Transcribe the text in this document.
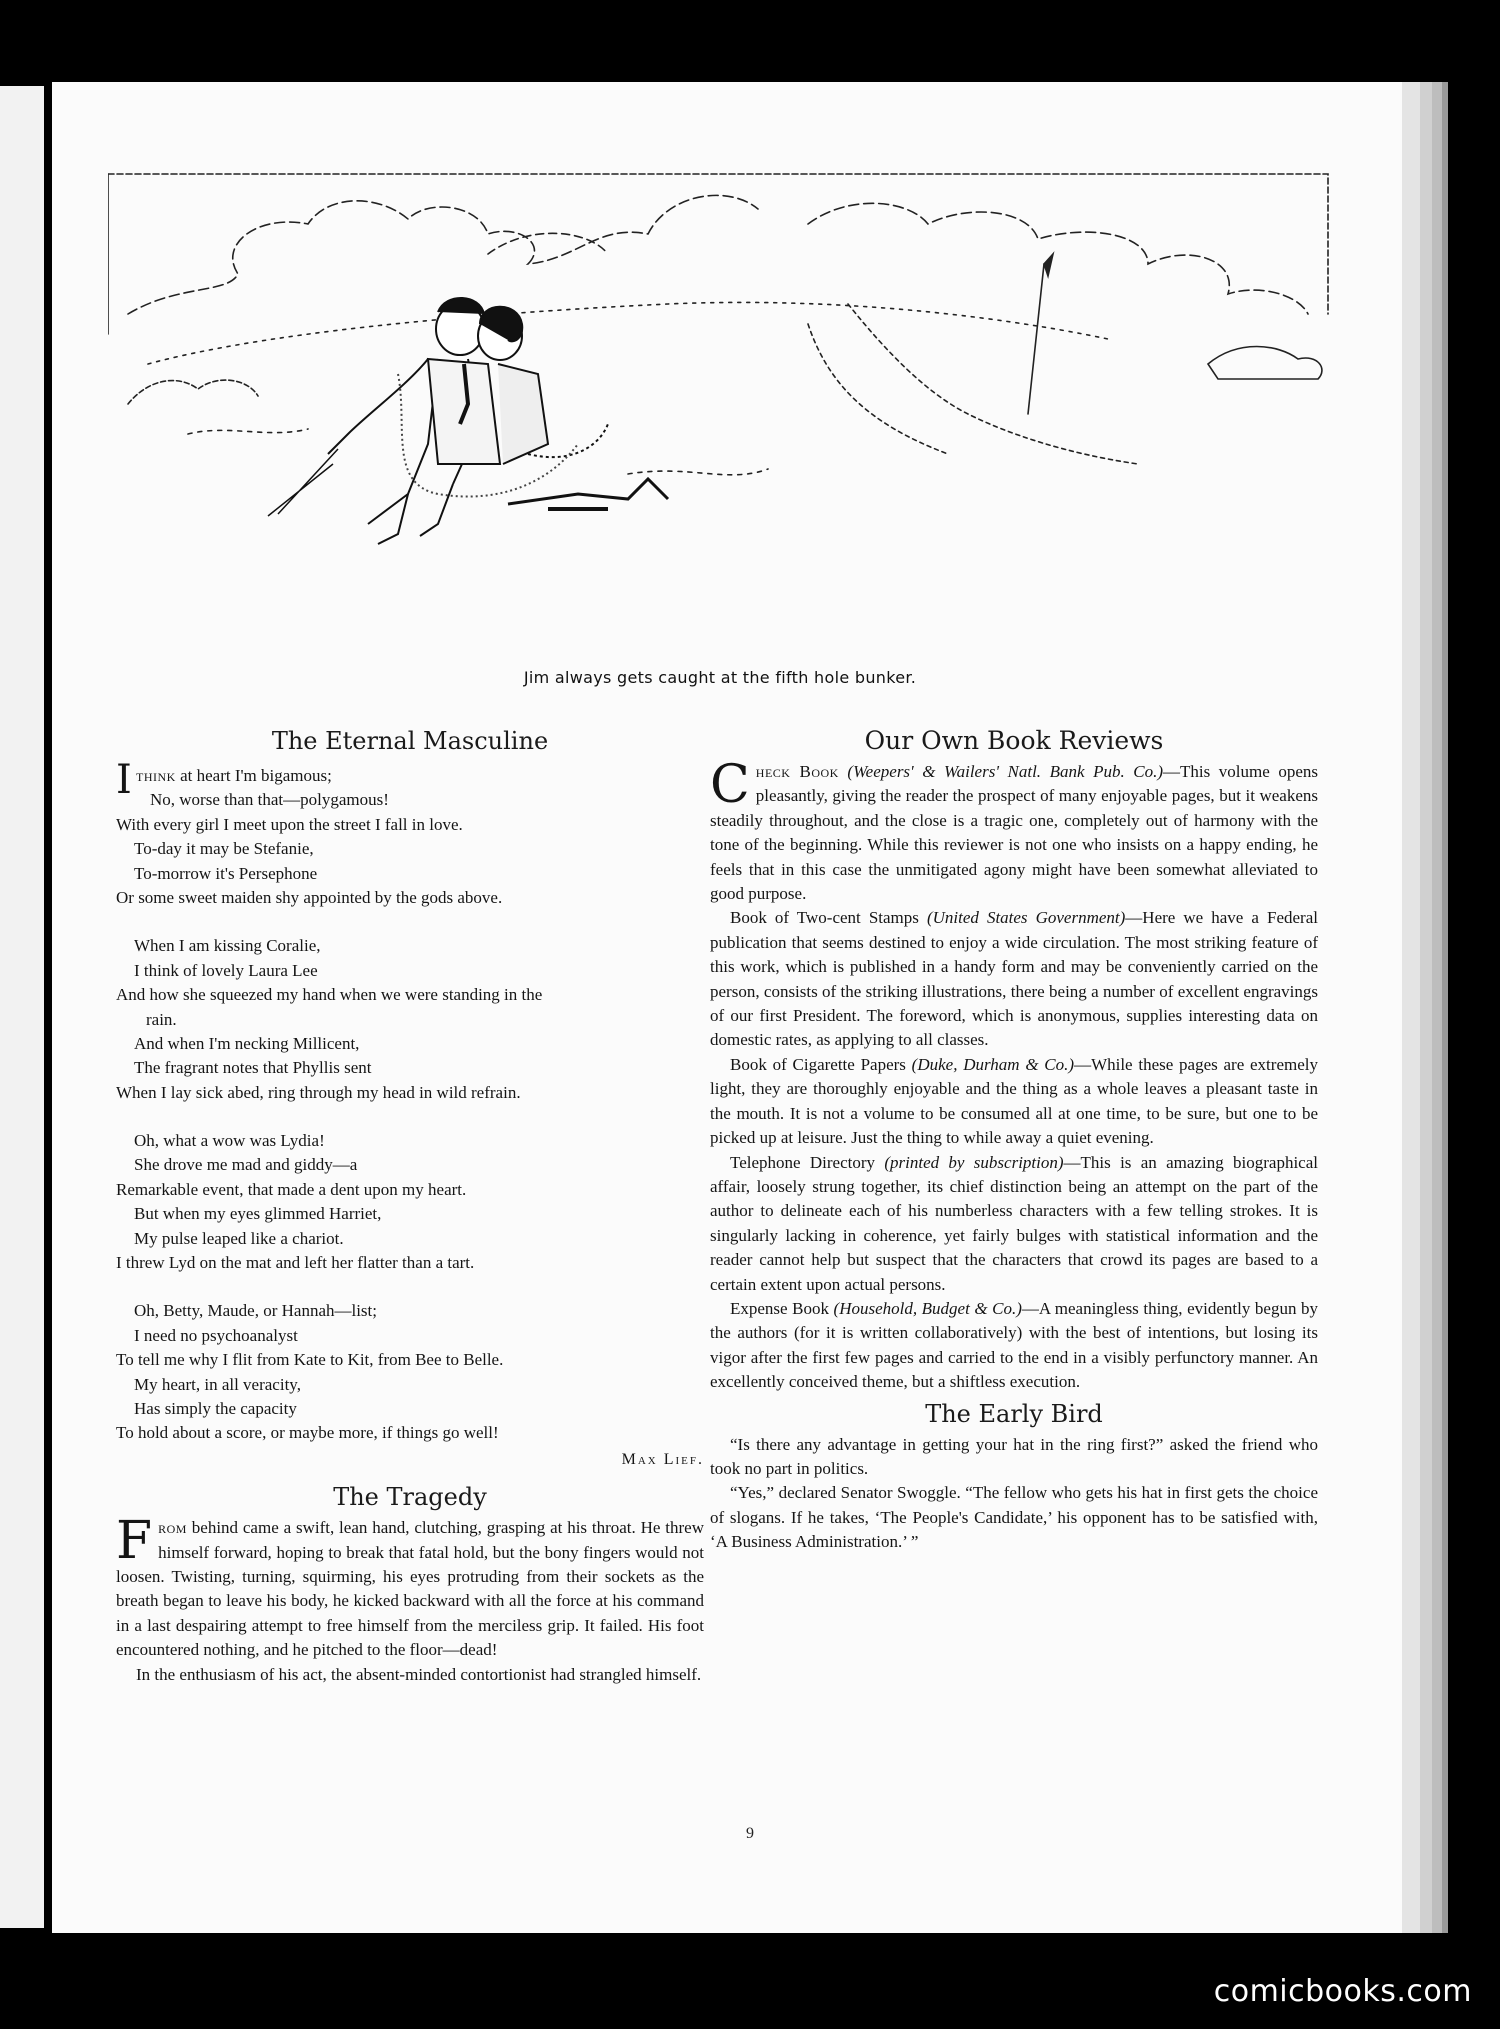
Jim always gets caught at the fifth hole bunker.
The Eternal Masculine
I think at heart I'm bigamous;
No, worse than that—polygamous!
With every girl I meet upon the street I fall in love.
To-day it may be Stefanie,
To-morrow it's Persephone
Or some sweet maiden shy appointed by the gods above.
When I am kissing Coralie,
I think of lovely Laura Lee
And how she squeezed my hand when we were standing in the
rain.
And when I'm necking Millicent,
The fragrant notes that Phyllis sent
When I lay sick abed, ring through my head in wild refrain.
Oh, what a wow was Lydia!
She drove me mad and giddy—a
Remarkable event, that made a dent upon my heart.
But when my eyes glimmed Harriet,
My pulse leaped like a chariot.
I threw Lyd on the mat and left her flatter than a tart.
Oh, Betty, Maude, or Hannah—list;
I need no psychoanalyst
To tell me why I flit from Kate to Kit, from Bee to Belle.
My heart, in all veracity,
Has simply the capacity
To hold about a score, or maybe more, if things go well!
Max Lief.
The Tragedy

From behind came a swift, lean hand, clutching, grasping at his throat. He threw himself forward, hoping to break that fatal hold, but the bony fingers would not loosen. Twisting, turning, squirming, his eyes protruding from their sockets as the breath began to leave his body, he kicked backward with all the force at his command in a last despairing attempt to free himself from the merciless grip. It failed. His foot encountered nothing, and he pitched to the floor—dead!

In the enthusiasm of his act, the absent-minded contortionist had strangled himself.

Our Own Book Reviews

Check Book (Weepers' & Wailers' Natl. Bank Pub. Co.)—This volume opens pleasantly, giving the reader the prospect of many enjoyable pages, but it weakens steadily throughout, and the close is a tragic one, completely out of harmony with the tone of the beginning. While this reviewer is not one who insists on a happy ending, he feels that in this case the unmitigated agony might have been somewhat alleviated to good purpose.

Book of Two-cent Stamps (United States Government)—Here we have a Federal publication that seems destined to enjoy a wide circulation. The most striking feature of this work, which is published in a handy form and may be conveniently carried on the person, consists of the striking illustrations, there being a number of excellent engravings of our first President. The foreword, which is anonymous, supplies interesting data on domestic rates, as applying to all classes.

Book of Cigarette Papers (Duke, Durham & Co.)—While these pages are extremely light, they are thoroughly enjoyable and the thing as a whole leaves a pleasant taste in the mouth. It is not a volume to be consumed all at one time, to be sure, but one to be picked up at leisure. Just the thing to while away a quiet evening.

Telephone Directory (printed by subscription)—This is an amazing biographical affair, loosely strung together, its chief distinction being an attempt on the part of the author to delineate each of his numberless characters with a few telling strokes. It is singularly lacking in coherence, yet fairly bulges with statistical information and the reader cannot help but suspect that the characters that crowd its pages are based to a certain extent upon actual persons.

Expense Book (Household, Budget & Co.)—A meaningless thing, evidently begun by the authors (for it is written collaboratively) with the best of intentions, but losing its vigor after the first few pages and carried to the end in a visibly perfunctory manner. An excellently conceived theme, but a shiftless execution.

The Early Bird

“Is there any advantage in getting your hat in the ring first?” asked the friend who took no part in politics.

“Yes,” declared Senator Swoggle. “The fellow who gets his hat in first gets the choice of slogans. If he takes, ‘The People's Candidate,’ his opponent has to be satisfied with, ‘A Business Administration.’ ”

9
comicbooks.com
